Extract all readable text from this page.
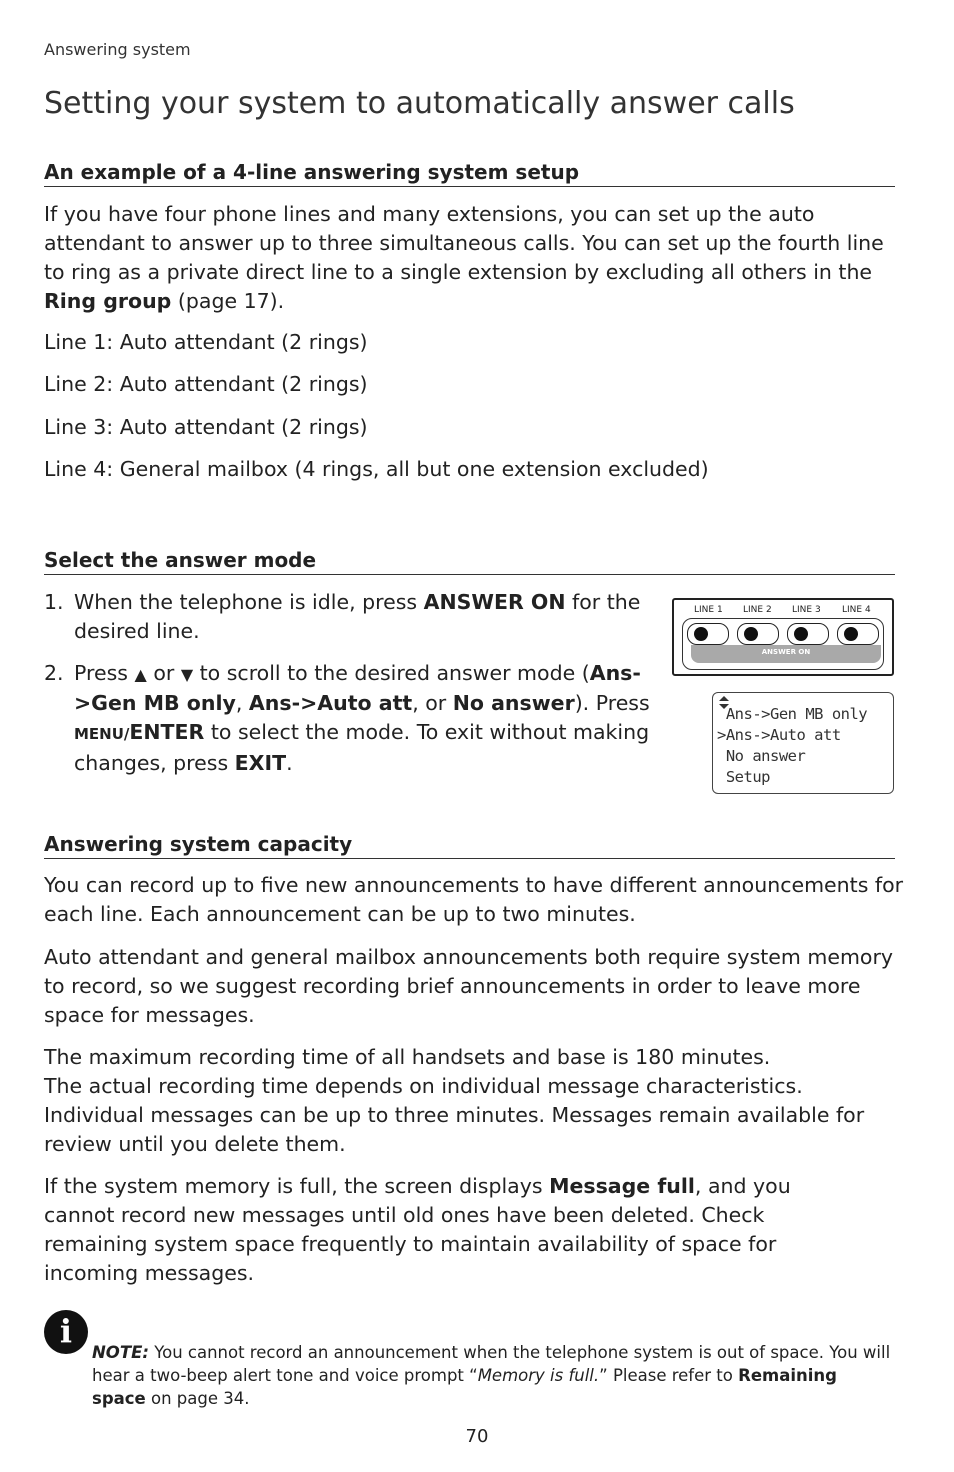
Answering system
Setting your system to automatically answer calls
An example of a 4-line answering system setup

If you have four phone lines and many extensions, you can set up the auto attendant to answer up to three simultaneous calls. You can set up the fourth line to ring as a private direct line to a single extension by excluding all others in the Ring group (page 17).

Line 1: Auto attendant (2 rings)
Line 2: Auto attendant (2 rings)
Line 3: Auto attendant (2 rings)
Line 4: General mailbox (4 rings, all but one extension excluded)
Select the answer mode
1. When the telephone is idle, press ANSWER ON for the desired line.
2. Press ▲ or ▼ to scroll to the desired answer mode (Ans->Gen MB only, Ans->Auto att, or No answer). Press MENU/ENTER to select the mode. To exit without making changes, press EXIT.
LINE 1 LINE 2 LINE 3 LINE 4
ANSWER ON
Ans->Gen MB only
>Ans->Auto att
No answer
Setup
Answering system capacity

You can record up to five new announcements to have different announcements for each line. Each announcement can be up to two minutes.

Auto attendant and general mailbox announcements both require system memory to record, so we suggest recording brief announcements in order to leave more space for messages.

The maximum recording time of all handsets and base is 180 minutes.
The actual recording time depends on individual message characteristics. Individual messages can be up to three minutes. Messages remain available for review until you delete them.

If the system memory is full, the screen displays Message full, and you cannot record new messages until old ones have been deleted. Check remaining system space frequently to maintain availability of space for incoming messages.

i
NOTE: You cannot record an announcement when the telephone system is out of space. You will hear a two-beep alert tone and voice prompt “Memory is full.” Please refer to Remaining space on page 34.
70
